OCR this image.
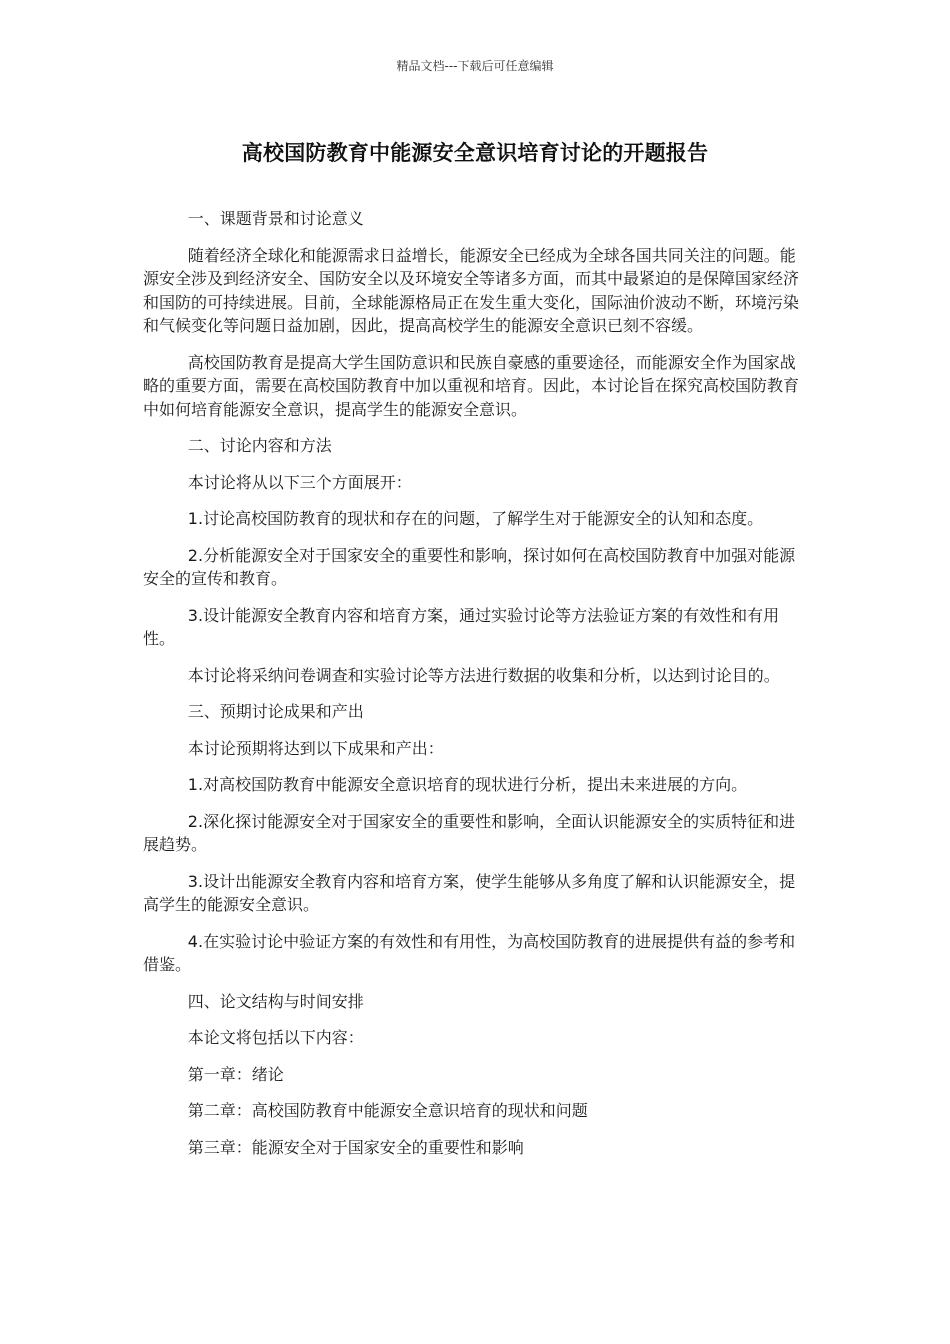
精品文档---下载后可任意编辑
高校国防教育中能源安全意识培育讨论的开题报告

一、课题背景和讨论意义

随着经济全球化和能源需求日益增长，能源安全已经成为全球各国共同关注的问题。能源安全涉及到经济安全、国防安全以及环境安全等诸多方面，而其中最紧迫的是保障国家经济和国防的可持续进展。目前，全球能源格局正在发生重大变化，国际油价波动不断，环境污染和气候变化等问题日益加剧，因此，提高高校学生的能源安全意识已刻不容缓。

高校国防教育是提高大学生国防意识和民族自豪感的重要途径，而能源安全作为国家战略的重要方面，需要在高校国防教育中加以重视和培育。因此，本讨论旨在探究高校国防教育中如何培育能源安全意识，提高学生的能源安全意识。

二、讨论内容和方法

本讨论将从以下三个方面展开：

1.讨论高校国防教育的现状和存在的问题，了解学生对于能源安全的认知和态度。

2.分析能源安全对于国家安全的重要性和影响，探讨如何在高校国防教育中加强对能源安全的宣传和教育。

3.设计能源安全教育内容和培育方案，通过实验讨论等方法验证方案的有效性和有用性。

本讨论将采纳问卷调查和实验讨论等方法进行数据的收集和分析，以达到讨论目的。

三、预期讨论成果和产出

本讨论预期将达到以下成果和产出：

1.对高校国防教育中能源安全意识培育的现状进行分析，提出未来进展的方向。

2.深化探讨能源安全对于国家安全的重要性和影响，全面认识能源安全的实质特征和进展趋势。

3.设计出能源安全教育内容和培育方案，使学生能够从多角度了解和认识能源安全，提高学生的能源安全意识。

4.在实验讨论中验证方案的有效性和有用性，为高校国防教育的进展提供有益的参考和借鉴。

四、论文结构与时间安排

本论文将包括以下内容：

第一章：绪论

第二章：高校国防教育中能源安全意识培育的现状和问题

第三章：能源安全对于国家安全的重要性和影响
